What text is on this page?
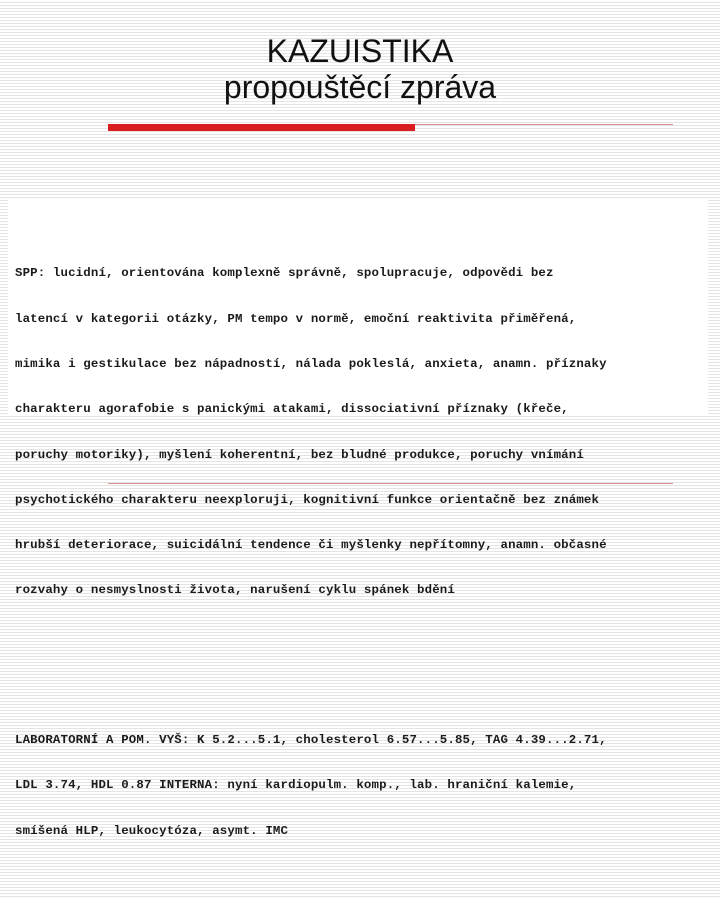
KAZUISTIKA
propouštěcí zpráva

SPP: lucidní, orientována komplexně správně, spolupracuje, odpovědi bez

latencí v kategorii otázky, PM tempo v normě, emoční reaktivita přiměřená,

mimika i gestikulace bez nápadností, nálada pokleslá, anxieta, anamn. příznaky

charakteru agorafobie s panickými atakami, dissociativní příznaky (křeče,

poruchy motoriky), myšlení koherentní, bez bludné produkce, poruchy vnímání

psychotického charakteru neexploruji, kognitivní funkce orientačně bez známek

hrubší deteriorace, suicidální tendence či myšlenky nepřítomny, anamn. občasné

rozvahy o nesmyslnosti života, narušení cyklu spánek bdění

LABORATORNÍ A POM. VYŠ: K 5.2...5.1, cholesterol 6.57...5.85, TAG 4.39...2.71,

LDL 3.74, HDL 0.87 INTERNA: nyní kardiopulm. komp., lab. hraniční kalemie,

smíšená HLP, leukocytóza, asymt. IMC
